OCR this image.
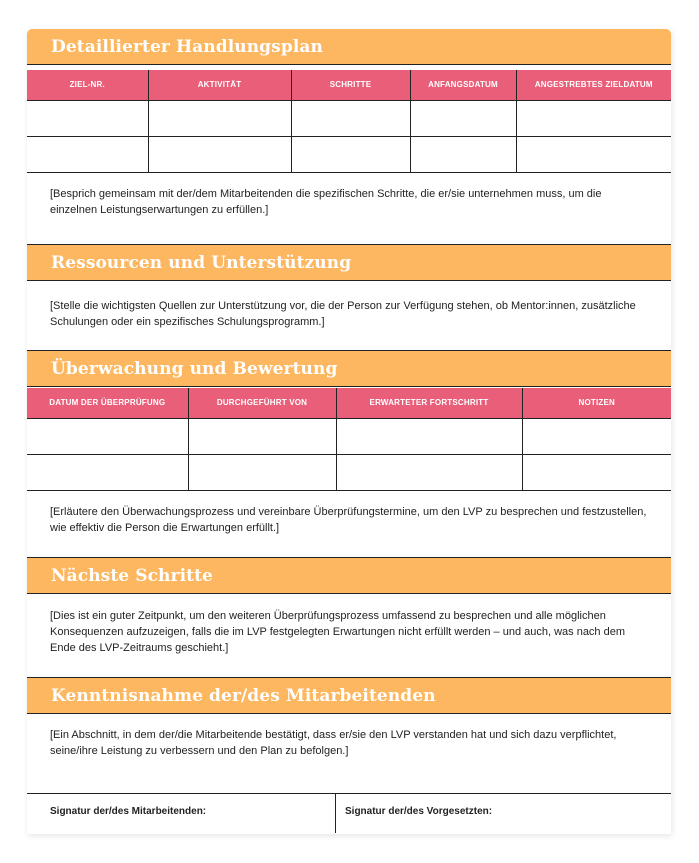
Detaillierter Handlungsplan
ZIEL-NR.	AKTIVITÄT	SCHRITTE	ANFANGSDATUM	ANGESTREBTES ZIELDATUM

[Besprich gemeinsam mit der/dem Mitarbeitenden die spezifischen Schritte, die er/sie unternehmen muss, um die einzelnen Leistungserwartungen zu erfüllen.]
Ressourcen und Unterstützung
[Stelle die wichtigsten Quellen zur Unterstützung vor, die der Person zur Verfügung stehen, ob Mentor:innen, zusätzliche Schulungen oder ein spezifisches Schulungsprogramm.]
Überwachung und Bewertung
DATUM DER ÜBERPRÜFUNG	DURCHGEFÜHRT VON	ERWARTETER FORTSCHRITT	NOTIZEN

[Erläutere den Überwachungsprozess und vereinbare Überprüfungstermine, um den LVP zu besprechen und festzustellen, wie effektiv die Person die Erwartungen erfüllt.]
Nächste Schritte
[Dies ist ein guter Zeitpunkt, um den weiteren Überprüfungsprozess umfassend zu besprechen und alle möglichen Konsequenzen aufzuzeigen, falls die im LVP festgelegten Erwartungen nicht erfüllt werden – und auch, was nach dem Ende des LVP-Zeitraums geschieht.]
Kenntnisnahme der/des Mitarbeitenden
[Ein Abschnitt, in dem der/die Mitarbeitende bestätigt, dass er/sie den LVP verstanden hat und sich dazu verpflichtet, seine/ihre Leistung zu verbessern und den Plan zu befolgen.]
Signatur der/des Mitarbeitenden:	Signatur der/des Vorgesetzten:
